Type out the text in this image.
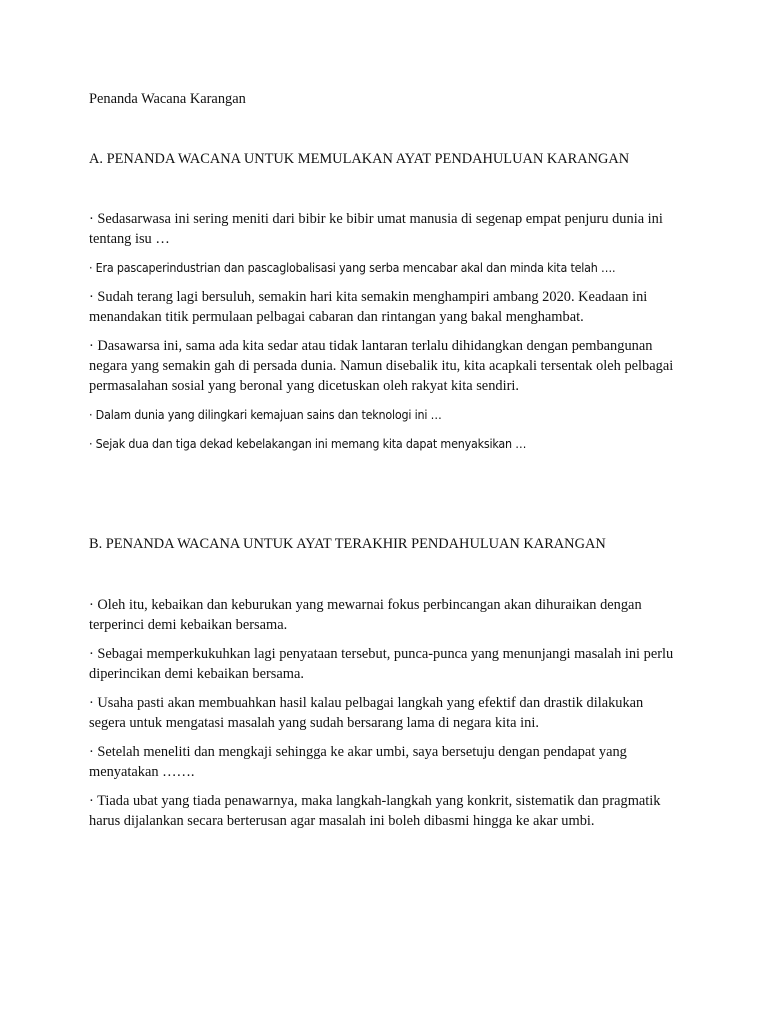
Penanda Wacana Karangan
A. PENANDA WACANA UNTUK MEMULAKAN AYAT PENDAHULUAN KARANGAN
· Sedasarwasa ini sering meniti dari bibir ke bibir umat manusia di segenap empat penjuru dunia ini tentang isu …
· Era pascaperindustrian dan pascaglobalisasi yang serba mencabar akal dan minda kita telah ….
· Sudah terang lagi bersuluh, semakin hari kita semakin menghampiri ambang 2020. Keadaan ini menandakan titik permulaan pelbagai cabaran dan rintangan yang bakal menghambat.
· Dasawarsa ini, sama ada kita sedar atau tidak lantaran terlalu dihidangkan dengan pembangunan negara yang semakin gah di persada dunia. Namun disebalik itu, kita acapkali tersentak oleh pelbagai permasalahan sosial yang beronal yang dicetuskan oleh rakyat kita sendiri.
· Dalam dunia yang dilingkari kemajuan sains dan teknologi ini …
· Sejak dua dan tiga dekad kebelakangan ini memang kita dapat menyaksikan …
B. PENANDA WACANA UNTUK AYAT TERAKHIR PENDAHULUAN KARANGAN
· Oleh itu, kebaikan dan keburukan yang mewarnai fokus perbincangan akan dihuraikan dengan terperinci demi kebaikan bersama.
· Sebagai memperkukuhkan lagi penyataan tersebut, punca-punca yang menunjangi masalah ini perlu diperincikan demi kebaikan bersama.
· Usaha pasti akan membuahkan hasil kalau pelbagai langkah yang efektif dan drastik dilakukan segera untuk mengatasi masalah yang sudah bersarang lama di negara kita ini.
· Setelah meneliti dan mengkaji sehingga ke akar umbi, saya bersetuju dengan pendapat yang menyatakan …….
· Tiada ubat yang tiada penawarnya, maka langkah-langkah yang konkrit, sistematik dan pragmatik harus dijalankan secara berterusan agar masalah ini boleh dibasmi hingga ke akar umbi.
